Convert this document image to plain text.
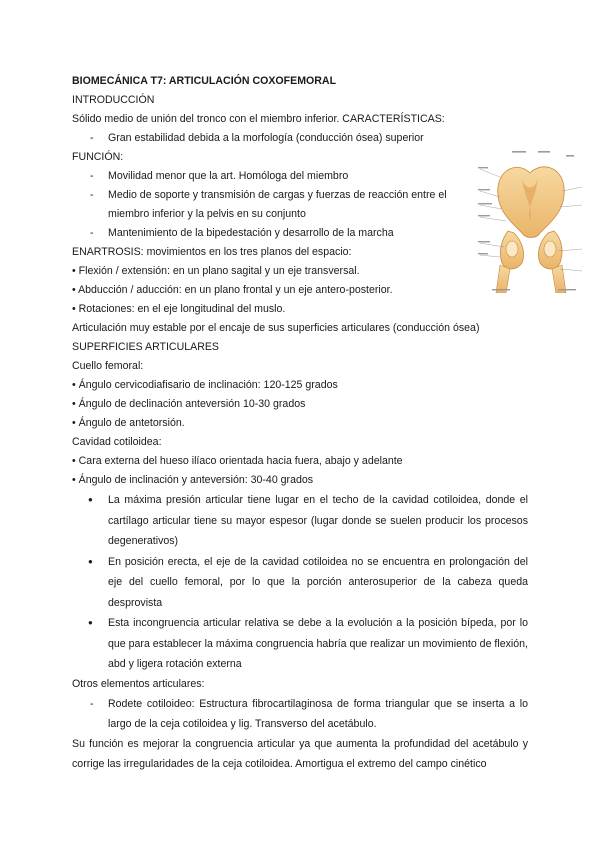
BIOMECÁNICA T7: ARTICULACIÓN COXOFEMORAL
INTRODUCCIÓN
Sólido medio de unión del tronco con el miembro inferior. CARACTERÍSTICAS:
- Gran estabilidad debida a la morfología (conducción ósea) superior
FUNCIÓN:
- Movilidad menor que la art. Homóloga del miembro
- Medio de soporte y transmisión de cargas y fuerzas de reacción entre el miembro inferior y la pelvis en su conjunto
- Mantenimiento de la bipedestación y desarrollo de la marcha
ENARTROSIS: movimientos en los tres planos del espacio:
• Flexión / extensión: en un plano sagital y un eje transversal.
• Abducción / aducción: en un plano frontal y un eje antero-posterior.
• Rotaciones: en el eje longitudinal del muslo.
Articulación muy estable por el encaje de sus superficies articulares (conducción ósea)
SUPERFICIES ARTICULARES
Cuello femoral:
• Ángulo cervicodiafisario de inclinación: 120-125 grados
• Ángulo de declinación anteversión 10-30 grados
• Ángulo de antetorsión.
Cavidad cotiloidea:
• Cara externa del hueso ilíaco orientada hacia fuera, abajo y adelante
• Ángulo de inclinación y anteversión: 30-40 grados
● La máxima presión articular tiene lugar en el techo de la cavidad cotiloidea, donde el cartílago articular tiene su mayor espesor (lugar donde se suelen producir los procesos degenerativos)
● En posición erecta, el eje de la cavidad cotiloidea no se encuentra en prolongación del eje del cuello femoral, por lo que la porción anterosuperior de la cabeza queda desprovista
● Esta incongruencia articular relativa se debe a la evolución a la posición bípeda, por lo que para establecer la máxima congruencia habría que realizar un movimiento de flexión, abd y ligera rotación externa
Otros elementos articulares:
- Rodete cotiloideo: Estructura fibrocartilaginosa de forma triangular que se inserta a lo largo de la ceja cotiloidea y lig. Transverso del acetábulo.
Su función es mejorar la congruencia articular ya que aumenta la profundidad del acetábulo y corrige las irregularidades de la ceja cotiloidea. Amortigua el extremo del campo cinético
